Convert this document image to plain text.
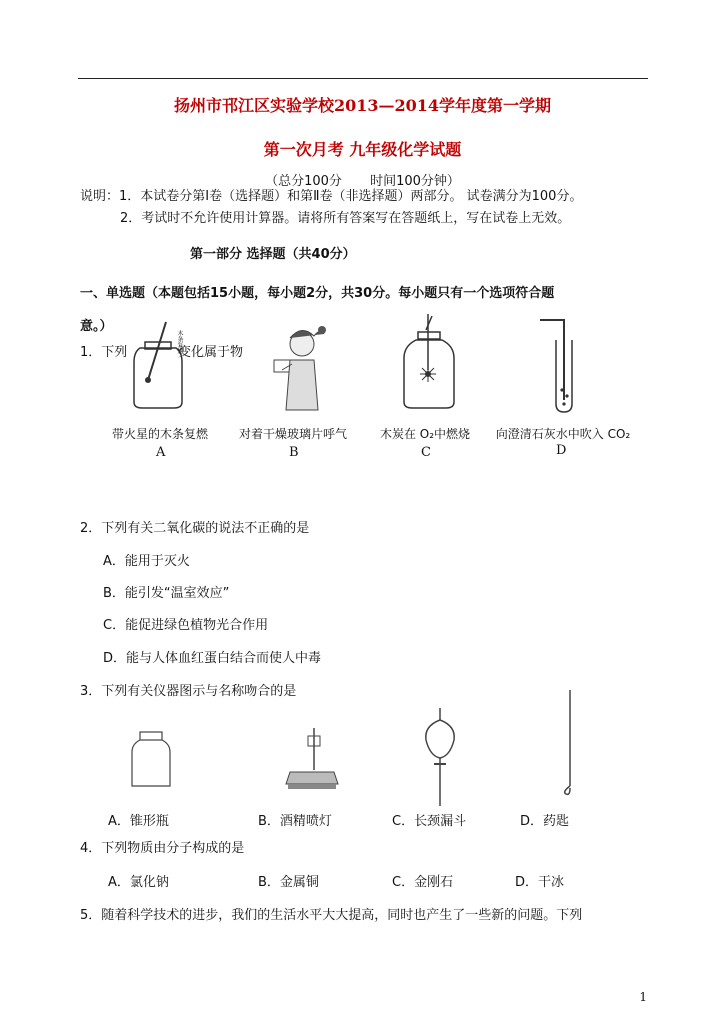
扬州市邗江区实验学校2013—2014学年度第一学期
第一次月考 九年级化学试题
（总分100分 时间100分钟）
说明：1．本试卷分第Ⅰ卷（选择题）和第Ⅱ卷（非选择题）两部分。 试卷满分为100分。
2．考试时不允许使用计算器。请将所有答案写在答题纸上，写在试卷上无效。
第一部分 选择题（共40分）
一、单选题（本题包括15小题，每小题2分，共30分。每小题只有一个选项符合题
意。）
1．下列	变化属于物
木条复燃
带火星的木条复燃
A
对着干燥玻璃片呼气
B
木炭在 O₂中燃烧
C
向澄清石灰水中吹入 CO₂
D
2．下列有关二氧化碳的说法不正确的是
A．能用于灭火
B．能引发“温室效应”
C．能促进绿色植物光合作用
D．能与人体血红蛋白结合而使人中毒
3．下列有关仪器图示与名称吻合的是
A．锥形瓶	B．酒精喷灯	C．长颈漏斗	D．药匙
4．下列物质由分子构成的是
A．氯化钠	B．金属铜	C．金刚石	D．干冰
5．随着科学技术的进步，我们的生活水平大大提高，同时也产生了一些新的问题。下列
1
